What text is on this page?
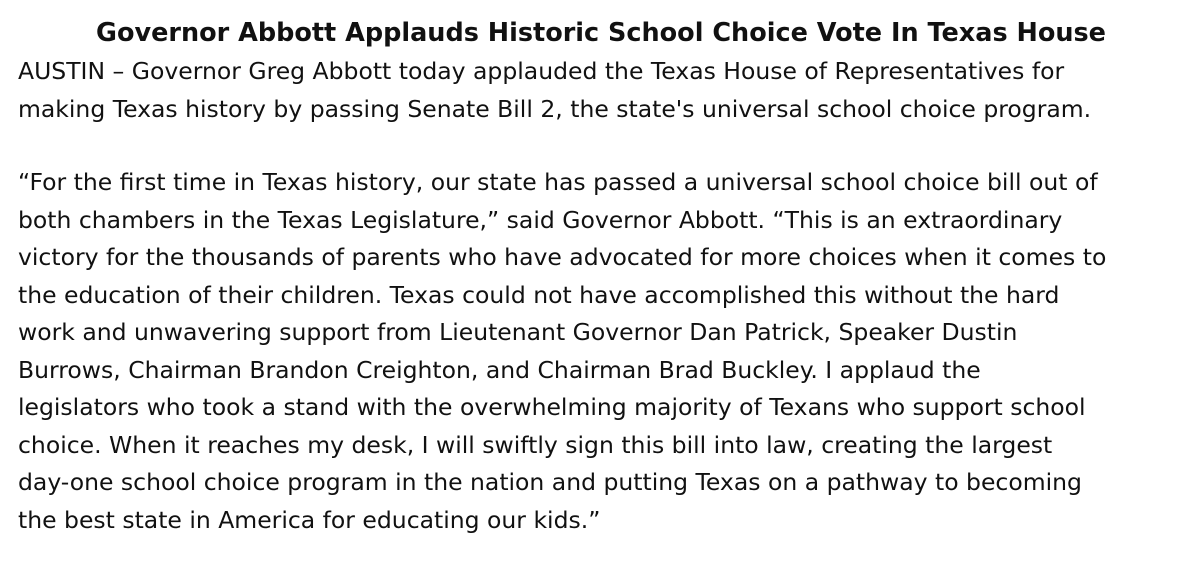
Governor Abbott Applauds Historic School Choice Vote In Texas House

AUSTIN – Governor Greg Abbott today applauded the Texas House of Representatives for
making Texas history by passing Senate Bill 2, the state's universal school choice program.

“For the first time in Texas history, our state has passed a universal school choice bill out of
both chambers in the Texas Legislature,” said Governor Abbott. “This is an extraordinary
victory for the thousands of parents who have advocated for more choices when it comes to
the education of their children. Texas could not have accomplished this without the hard
work and unwavering support from Lieutenant Governor Dan Patrick, Speaker Dustin
Burrows, Chairman Brandon Creighton, and Chairman Brad Buckley. I applaud the
legislators who took a stand with the overwhelming majority of Texans who support school
choice. When it reaches my desk, I will swiftly sign this bill into law, creating the largest
day-one school choice program in the nation and putting Texas on a pathway to becoming
the best state in America for educating our kids.”
